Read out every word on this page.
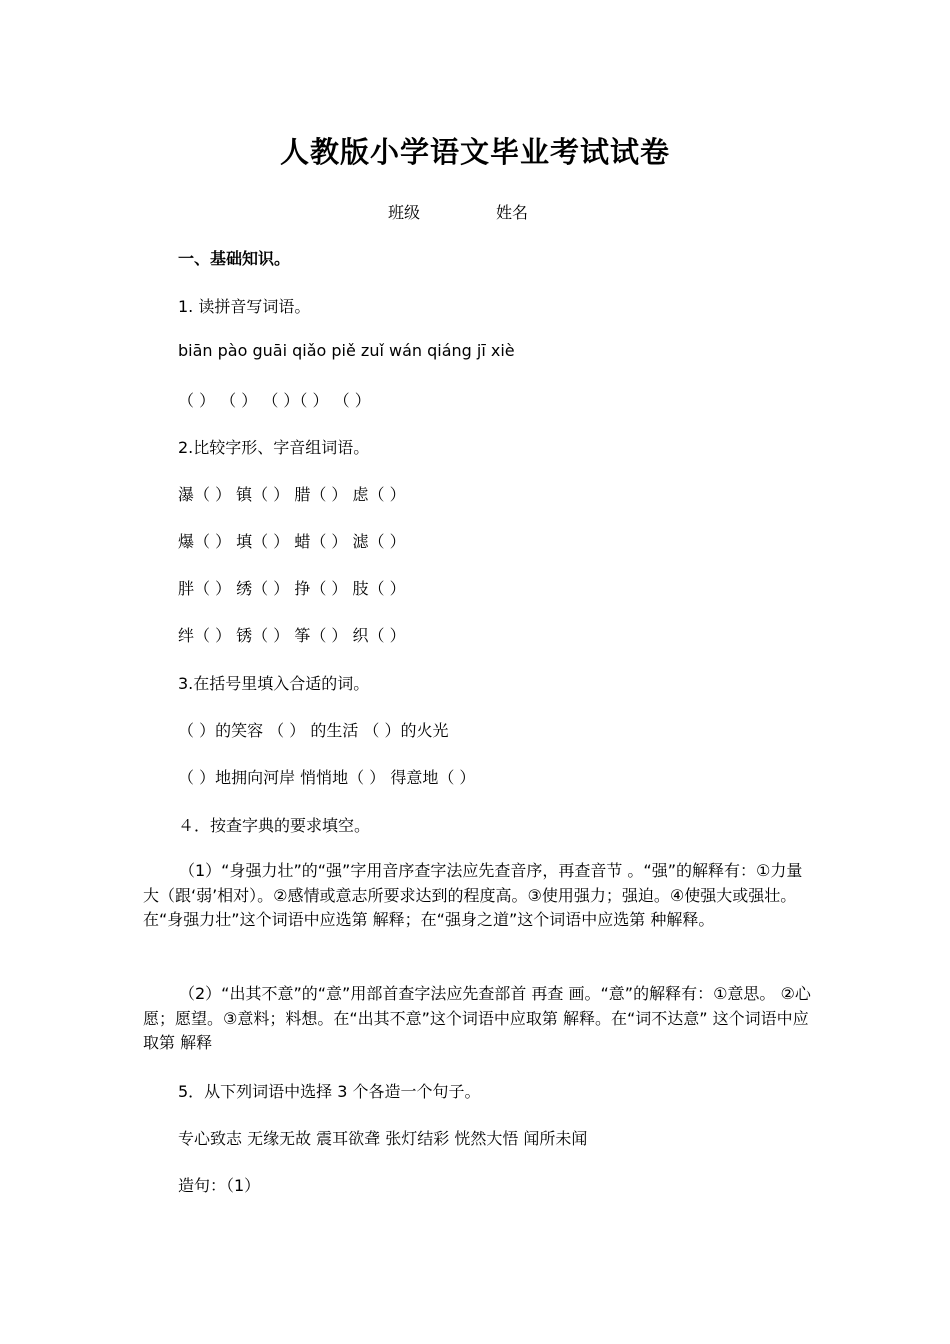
人教版小学语文毕业考试试卷
班级	姓名
一、基础知识。
1. 读拼音写词语。
biān pào guāi qiǎo piě zuǐ wán qiáng jī xiè
（ ） （ ） （ ）（ ） （ ）
2.比较字形、字音组词语。
瀑（ ） 镇（ ） 腊（ ） 虑（ ）
爆（ ） 填（ ） 蜡（ ） 滤（ ）
胖（ ） 绣（ ） 挣（ ） 肢（ ）
绊（ ） 锈（ ） 筝（ ） 织（ ）
3.在括号里填入合适的词。
（ ）的笑容 （ ） 的生活 （ ）的火光
（ ）地拥向河岸 悄悄地（ ） 得意地（ ）
４．按查字典的要求填空。
（1）“身强力壮”的“强”字用音序查字法应先查音序，再查音节 。“强”的解释有：①力量大（跟‘弱’相对）。②感情或意志所要求达到的程度高。③使用强力；强迫。④使强大或强壮。在“身强力壮”这个词语中应选第 解释；在“强身之道”这个词语中应选第 种解释。
（2）“出其不意”的“意”用部首查字法应先查部首 再查 画。“意”的解释有：①意思。 ②心愿；愿望。③意料；料想。在“出其不意”这个词语中应取第 解释。在“词不达意” 这个词语中应取第 解释
5．从下列词语中选择 3 个各造一个句子。
专心致志 无缘无故 震耳欲聋 张灯结彩 恍然大悟 闻所未闻
造句：（1）
